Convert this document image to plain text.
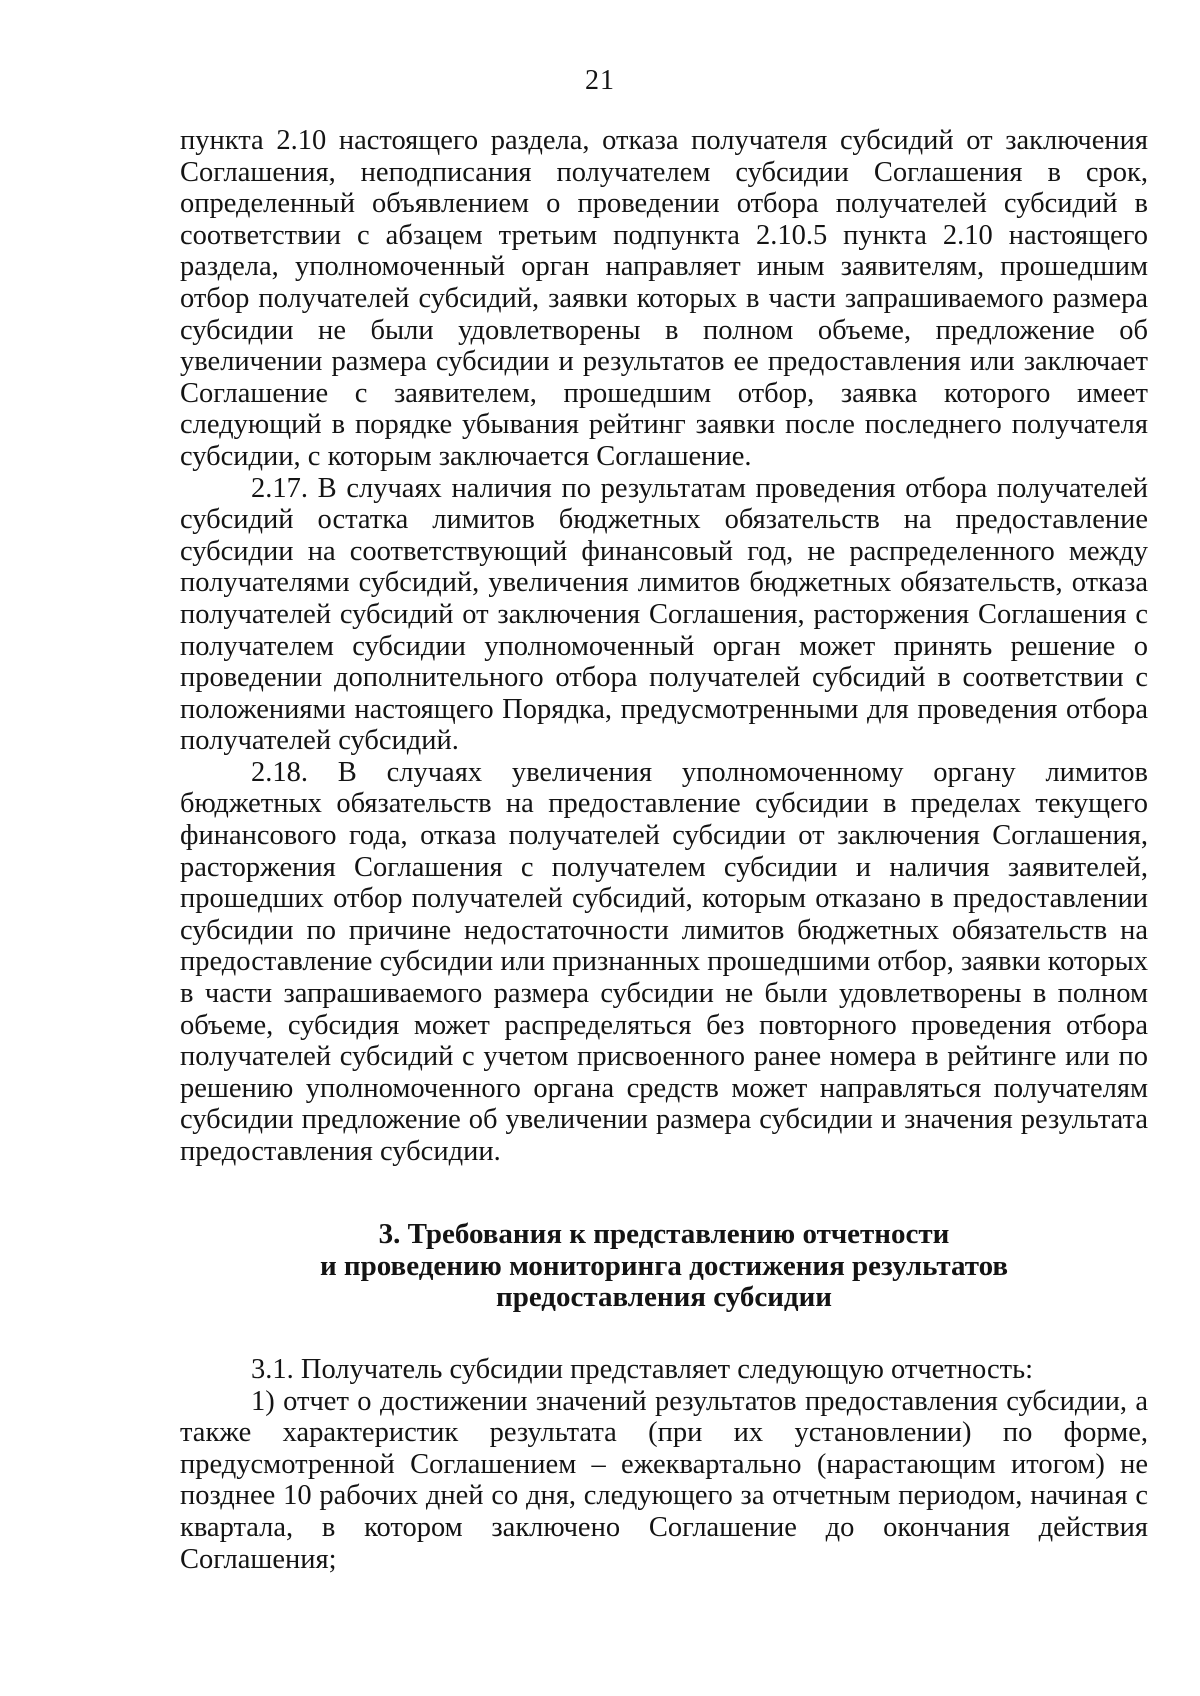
21

пункта 2.10 настоящего раздела, отказа получателя субсидий от заключения Соглашения, неподписания получателем субсидии Соглашения в срок, определенный объявлением о проведении отбора получателей субсидий в соответствии с абзацем третьим подпункта 2.10.5 пункта 2.10 настоящего раздела, уполномоченный орган направляет иным заявителям, прошедшим отбор получателей субсидий, заявки которых в части запрашиваемого размера субсидии не были удовлетворены в полном объеме, предложение об увеличении размера субсидии и результатов ее предоставления или заключает Соглашение с заявителем, прошедшим отбор, заявка которого имеет следующий в порядке убывания рейтинг заявки после последнего получателя субсидии, с которым заключается Соглашение.

2.17. В случаях наличия по результатам проведения отбора получателей субсидий остатка лимитов бюджетных обязательств на предоставление субсидии на соответствующий финансовый год, не распределенного между получателями субсидий, увеличения лимитов бюджетных обязательств, отказа получателей субсидий от заключения Соглашения, расторжения Соглашения с получателем субсидии уполномоченный орган может принять решение о проведении дополнительного отбора получателей субсидий в соответствии с положениями настоящего Порядка, предусмотренными для проведения отбора получателей субсидий.

2.18. В случаях увеличения уполномоченному органу лимитов бюджетных обязательств на предоставление субсидии в пределах текущего финансового года, отказа получателей субсидии от заключения Соглашения, расторжения Соглашения с получателем субсидии и наличия заявителей, прошедших отбор получателей субсидий, которым отказано в предоставлении субсидии по причине недостаточности лимитов бюджетных обязательств на предоставление субсидии или признанных прошедшими отбор, заявки которых в части запрашиваемого размера субсидии не были удовлетворены в полном объеме, субсидия может распределяться без повторного проведения отбора получателей субсидий с учетом присвоенного ранее номера в рейтинге или по решению уполномоченного органа средств может направляться получателям субсидии предложение об увеличении размера субсидии и значения результата предоставления субсидии.

3. Требования к представлению отчетности
и проведению мониторинга достижения результатов
предоставления субсидии

3.1. Получатель субсидии представляет следующую отчетность:

1) отчет о достижении значений результатов предоставления субсидии, а также характеристик результата (при их установлении) по форме, предусмотренной Соглашением – ежеквартально (нарастающим итогом) не позднее 10 рабочих дней со дня, следующего за отчетным периодом, начиная с квартала, в котором заключено Соглашение до окончания действия Соглашения;
